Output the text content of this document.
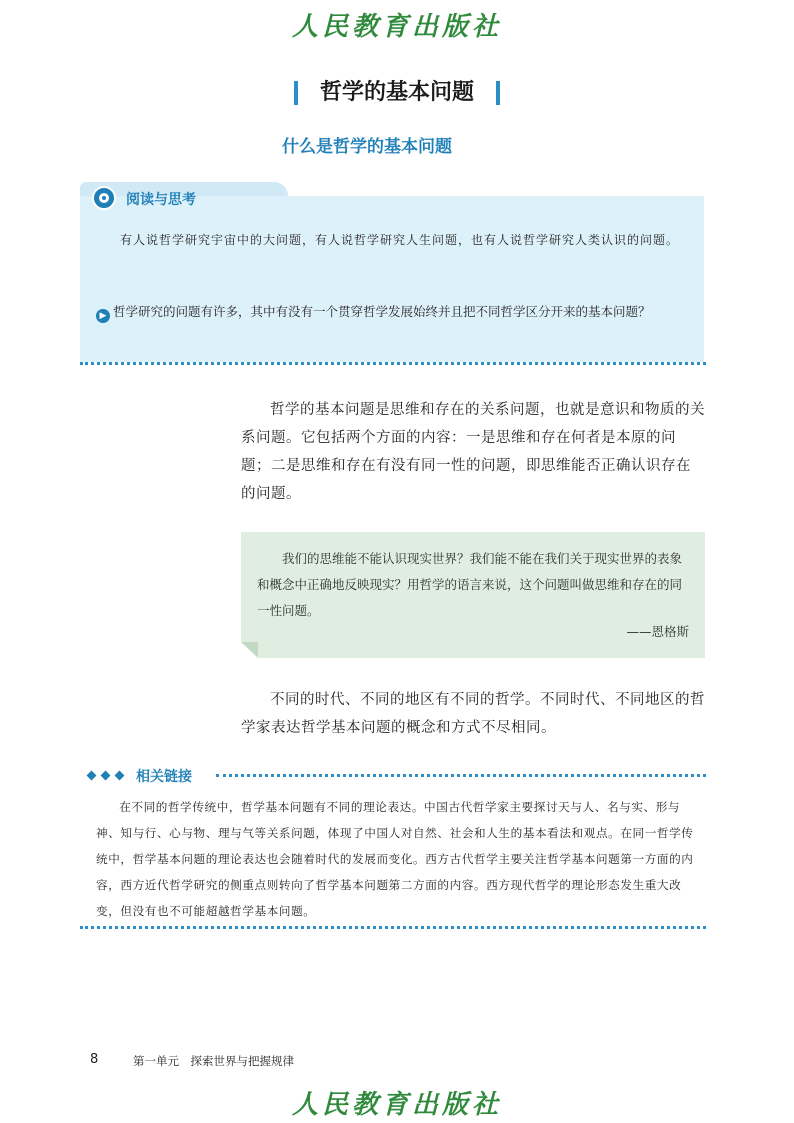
人民教育出版社
哲学的基本问题
什么是哲学的基本问题
阅读与思考
有人说哲学研究宇宙中的大问题，有人说哲学研究人生问题，也有人说哲学研究人类认识的问题。
▶ 哲学研究的问题有许多，其中有没有一个贯穿哲学发展始终并且把不同哲学区分开来的基本问题？
哲学的基本问题是思维和存在的关系问题，也就是意识和物质的关系问题。它包括两个方面的内容：一是思维和存在何者是本原的问题；二是思维和存在有没有同一性的问题，即思维能否正确认识存在的问题。
我们的思维能不能认识现实世界？我们能不能在我们关于现实世界的表象和概念中正确地反映现实？用哲学的语言来说，这个问题叫做思维和存在的同一性问题。
——恩格斯
不同的时代、不同的地区有不同的哲学。不同时代、不同地区的哲学家表达哲学基本问题的概念和方式不尽相同。
相关链接
在不同的哲学传统中，哲学基本问题有不同的理论表达。中国古代哲学家主要探讨天与人、名与实、形与神、知与行、心与物、理与气等关系问题，体现了中国人对自然、社会和人生的基本看法和观点。在同一哲学传统中，哲学基本问题的理论表达也会随着时代的发展而变化。西方古代哲学主要关注哲学基本问题第一方面的内容，西方近代哲学研究的侧重点则转向了哲学基本问题第二方面的内容。西方现代哲学的理论形态发生重大改变，但没有也不可能超越哲学基本问题。
8	第一单元　探索世界与把握规律
人民教育出版社
